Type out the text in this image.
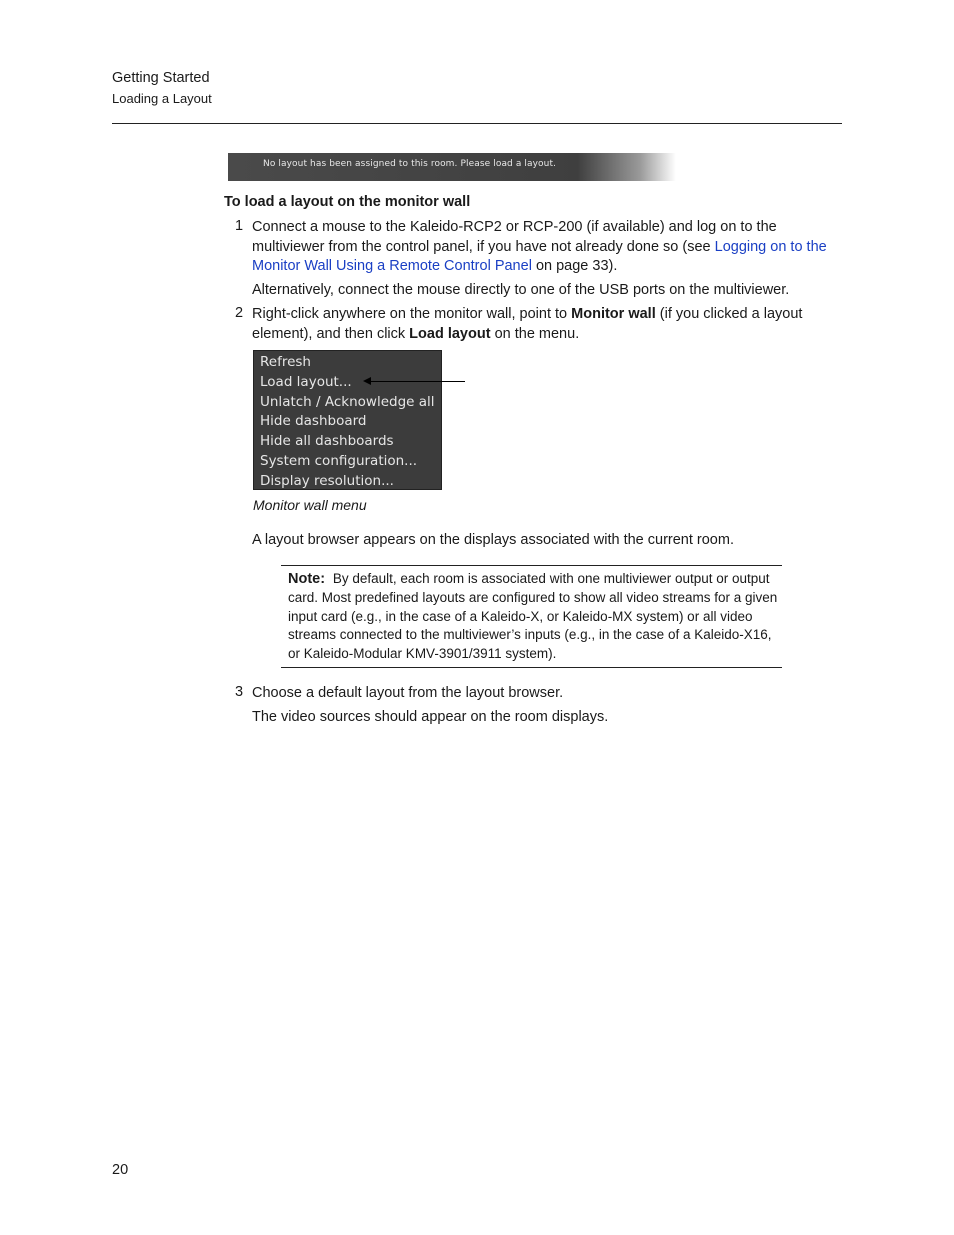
Getting Started
Loading a Layout
No layout has been assigned to this room. Please load a layout.
To load a layout on the monitor wall
1 Connect a mouse to the Kaleido-RCP2 or RCP-200 (if available) and log on to the multiviewer from the control panel, if you have not already done so (see Logging on to the Monitor Wall Using a Remote Control Panel on page 33).
Alternatively, connect the mouse directly to one of the USB ports on the multiviewer.
2 Right-click anywhere on the monitor wall, point to Monitor wall (if you clicked a layout element), and then click Load layout on the menu.
Refresh
Load layout...
Unlatch / Acknowledge all
Hide dashboard
Hide all dashboards
System configuration...
Display resolution...
Monitor wall menu
A layout browser appears on the displays associated with the current room.
Note: By default, each room is associated with one multiviewer output or output card. Most predefined layouts are configured to show all video streams for a given input card (e.g., in the case of a Kaleido-X, or Kaleido-MX system) or all video streams connected to the multiviewer’s inputs (e.g., in the case of a Kaleido-X16, or Kaleido-Modular KMV-3901/3911 system).
3 Choose a default layout from the layout browser.
The video sources should appear on the room displays.
20
